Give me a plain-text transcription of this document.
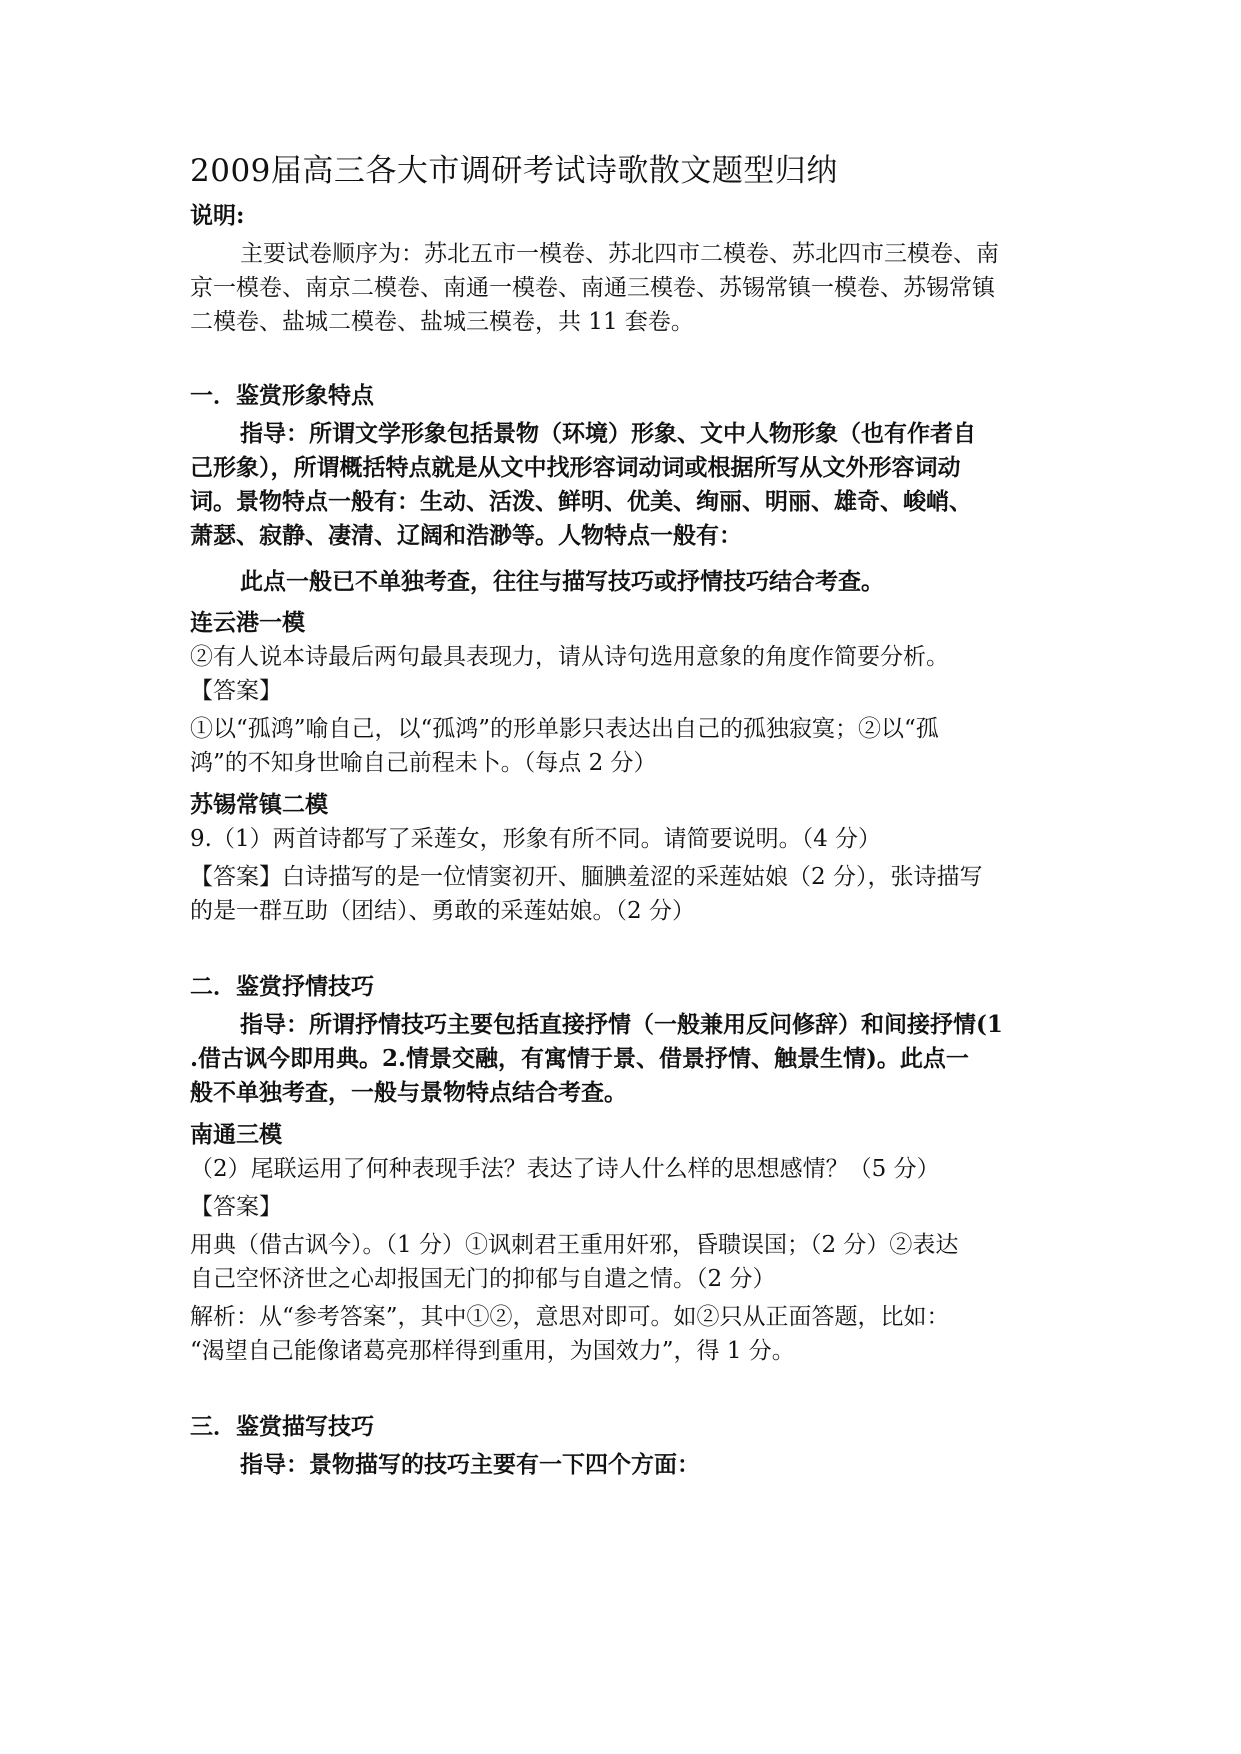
2009届高三各大市调研考试诗歌散文题型归纳
说明:
主要试卷顺序为：苏北五市一模卷、苏北四市二模卷、苏北四市三模卷、南
京一模卷、南京二模卷、南通一模卷、南通三模卷、苏锡常镇一模卷、苏锡常镇
二模卷、盐城二模卷、盐城三模卷，共 11 套卷。
一．鉴赏形象特点
指导：所谓文学形象包括景物（环境）形象、文中人物形象（也有作者自
己形象），所谓概括特点就是从文中找形容词动词或根据所写从文外形容词动
词。景物特点一般有：生动、活泼、鲜明、优美、绚丽、明丽、雄奇、峻峭、
萧瑟、寂静、凄清、辽阔和浩渺等。人物特点一般有：
此点一般已不单独考查，往往与描写技巧或抒情技巧结合考查。
连云港一模
②有人说本诗最后两句最具表现力，请从诗句选用意象的角度作简要分析。
【答案】
①以“孤鸿”喻自己，以“孤鸿”的形单影只表达出自己的孤独寂寞；②以“孤
鸿”的不知身世喻自己前程未卜。（每点 2 分）
苏锡常镇二模
9.（1）两首诗都写了采莲女，形象有所不同。请简要说明。（4 分）
【答案】白诗描写的是一位情窦初开、腼腆羞涩的采莲姑娘（2 分），张诗描写
的是一群互助（团结）、勇敢的采莲姑娘。（2 分）
二．鉴赏抒情技巧
指导：所谓抒情技巧主要包括直接抒情（一般兼用反问修辞）和间接抒情(1
.借古讽今即用典。2.情景交融，有寓情于景、借景抒情、触景生情)。此点一
般不单独考查，一般与景物特点结合考查。
南通三模
（2）尾联运用了何种表现手法？表达了诗人什么样的思想感情？（5 分）
【答案】
用典（借古讽今）。（1 分）①讽刺君王重用奸邪，昏聩误国；（2 分）②表达
自己空怀济世之心却报国无门的抑郁与自遣之情。（2 分）
解析：从“参考答案”，其中①②，意思对即可。如②只从正面答题，比如：
“渴望自己能像诸葛亮那样得到重用，为国效力”，得 1 分。
三．鉴赏描写技巧
指导：景物描写的技巧主要有一下四个方面：
